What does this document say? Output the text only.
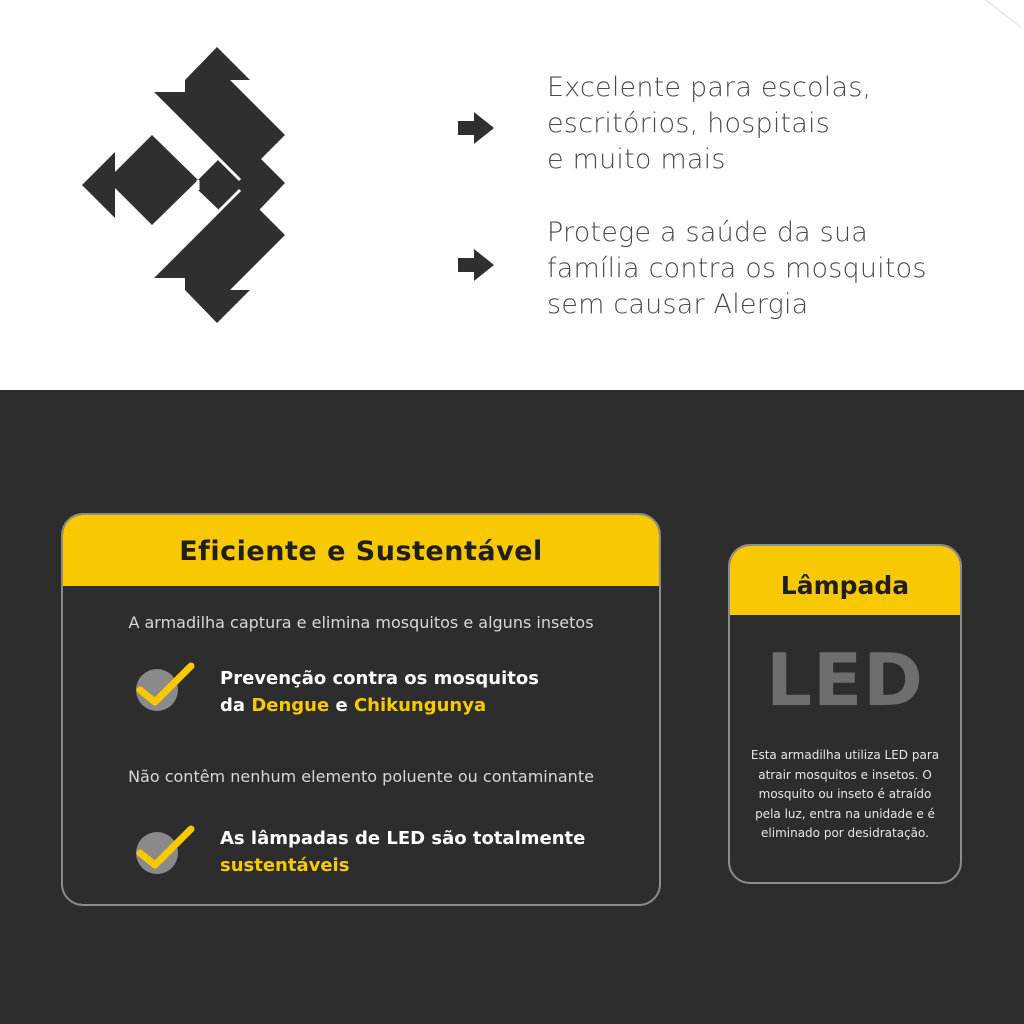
Excelente para escolas,
escritórios, hospitais
e muito mais
Protege a saúde da sua
família contra os mosquitos
sem causar Alergia
Eficiente e Sustentável
A armadilha captura e elimina mosquitos e alguns insetos
Prevenção contra os mosquitos
da Dengue e Chikungunya
Não contêm nenhum elemento poluente ou contaminante
As lâmpadas de LED são totalmente
sustentáveis
Lâmpada
LED
Esta armadilha utiliza LED para atrair mosquitos e insetos. O mosquito ou inseto é atraído pela luz, entra na unidade e é eliminado por desidratação.
